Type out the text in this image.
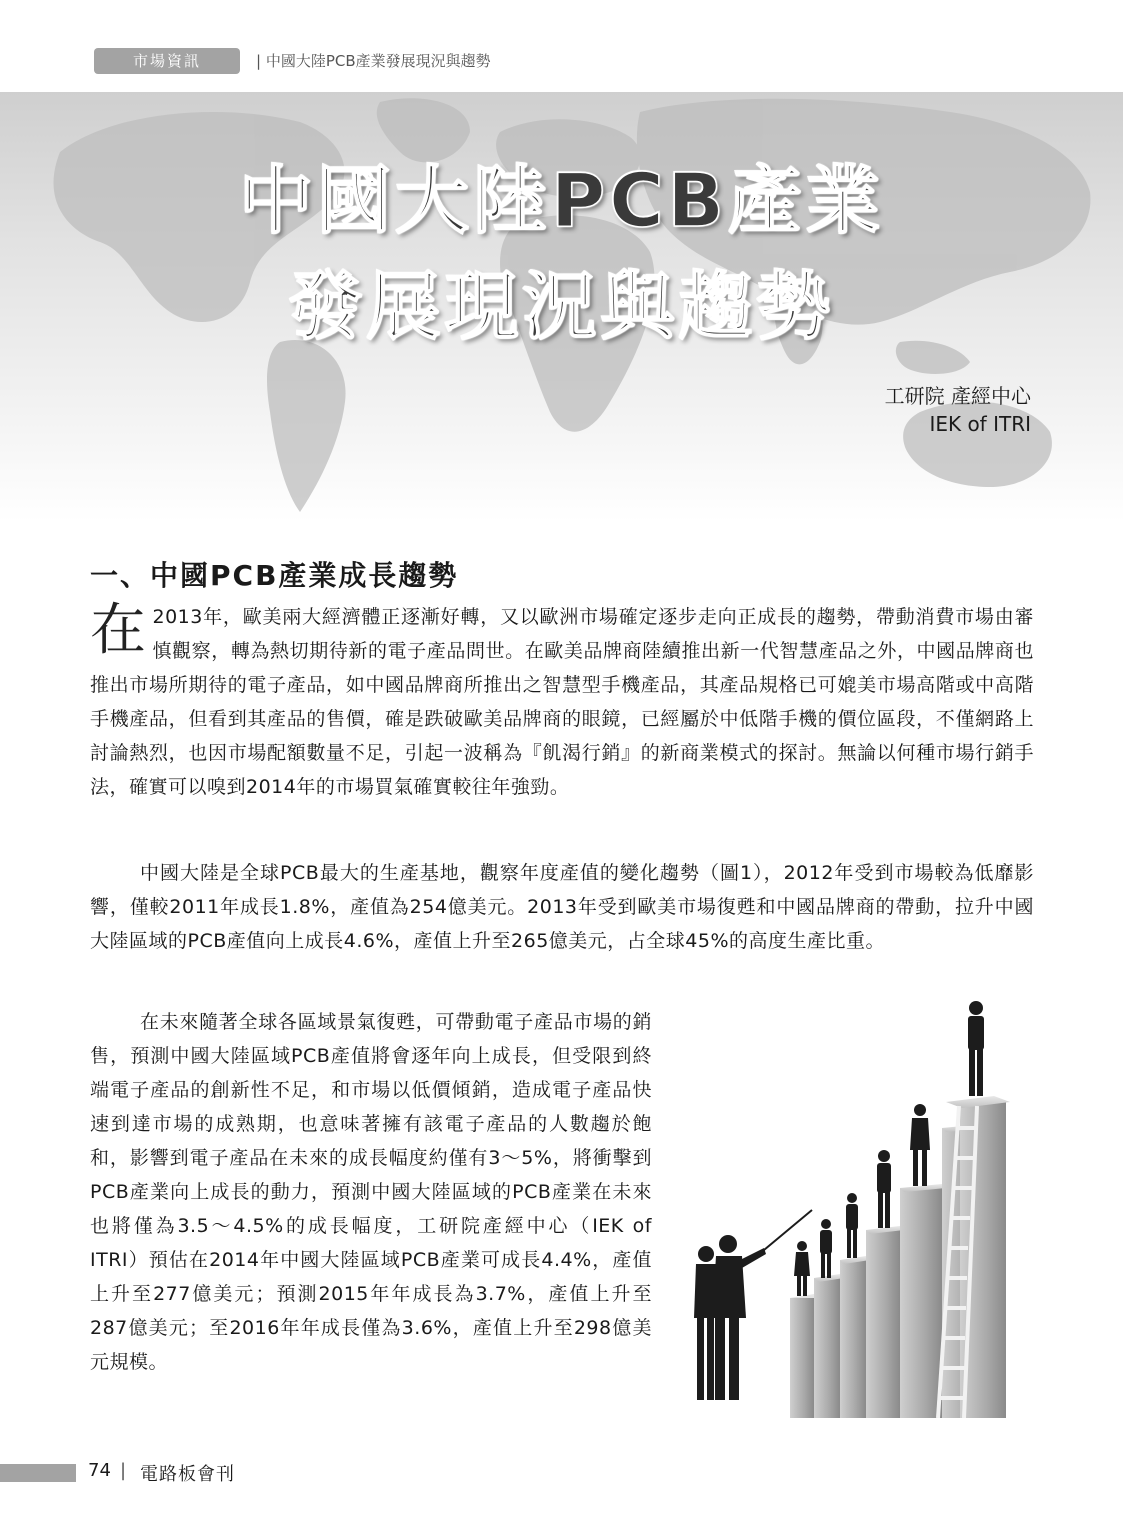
市場資訊	| 中國大陸PCB產業發展現況與趨勢
中國大陸PCB產業
發展現況與趨勢
工研院 產經中心
IEK of ITRI
一、中國PCB產業成長趨勢
在 2013年，歐美兩大經濟體正逐漸好轉，又以歐洲市場確定逐步走向正成長的趨勢，帶動消費市場由審慎觀察，轉為熱切期待新的電子產品問世。在歐美品牌商陸續推出新一代智慧產品之外，中國品牌商也推出市場所期待的電子產品，如中國品牌商所推出之智慧型手機產品，其產品規格已可媲美市場高階或中高階手機產品，但看到其產品的售價，確是跌破歐美品牌商的眼鏡，已經屬於中低階手機的價位區段，不僅網路上討論熱烈，也因市場配額數量不足，引起一波稱為『飢渴行銷』的新商業模式的探討。無論以何種市場行銷手法，確實可以嗅到2014年的市場買氣確實較往年強勁。
中國大陸是全球PCB最大的生產基地，觀察年度產值的變化趨勢（圖1），2012年受到市場較為低靡影響，僅較2011年成長1.8%，產值為254億美元。2013年受到歐美市場復甦和中國品牌商的帶動，拉升中國大陸區域的PCB產值向上成長4.6%，產值上升至265億美元，占全球45%的高度生產比重。
在未來隨著全球各區域景氣復甦，可帶動電子產品市場的銷售，預測中國大陸區域PCB產值將會逐年向上成長，但受限到終端電子產品的創新性不足，和市場以低價傾銷，造成電子產品快速到達市場的成熟期，也意味著擁有該電子產品的人數趨於飽和，影響到電子產品在未來的成長幅度約僅有3～5%，將衝擊到PCB產業向上成長的動力，預測中國大陸區域的PCB產業在未來也將僅為3.5～4.5%的成長幅度，工研院產經中心（IEK of ITRI）預估在2014年中國大陸區域PCB產業可成長4.4%，產值上升至277億美元；預測2015年年成長為3.7%，產值上升至287億美元；至2016年年成長僅為3.6%，產值上升至298億美元規模。
74 | 電路板會刊
